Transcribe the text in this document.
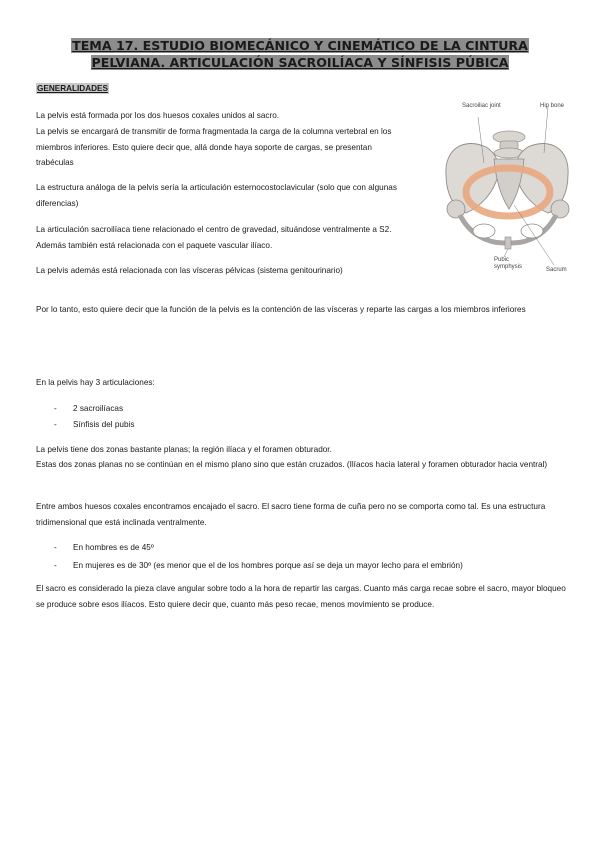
TEMA 17. ESTUDIO BIOMECÁNICO Y CINEMÁTICO DE LA CINTURA
PELVIANA. ARTICULACIÓN SACROILÍACA Y SÍNFISIS PÚBICA
GENERALIDADES
La pelvis está formada por los dos huesos coxales unidos al sacro.
La pelvis se encargará de transmitir de forma fragmentada la carga de la columna vertebral en los miembros inferiores. Esto quiere decir que, allá donde haya soporte de cargas, se presentan trabéculas
La estructura análoga de la pelvis sería la articulación esternocostoclavicular (solo que con algunas diferencias)
La articulación sacroilíaca tiene relacionado el centro de gravedad, situándose ventralmente a S2. Además también está relacionada con el paquete vascular ilíaco.
La pelvis además está relacionada con las vísceras pélvicas (sistema genitourinario)
Sacroiliac joint	Hip bone
Pubic symphysis	Sacrum
Por lo tanto, esto quiere decir que la función de la pelvis es la contención de las vísceras y reparte las cargas a los miembros inferiores
En la pelvis hay 3 articulaciones:
- 2 sacroilíacas
- Sínfisis del pubis
La pelvis tiene dos zonas bastante planas; la región ilíaca y el foramen obturador.
Estas dos zonas planas no se continúan en el mismo plano sino que están cruzados. (Ilíacos hacia lateral y foramen obturador hacia ventral)
Entre ambos huesos coxales encontramos encajado el sacro. El sacro tiene forma de cuña pero no se comporta como tal. Es una estructura tridimensional que está inclinada ventralmente.
- En hombres es de 45º
- En mujeres es de 30º (es menor que el de los hombres porque así se deja un mayor lecho para el embrión)
El sacro es considerado la pieza clave angular sobre todo a la hora de repartir las cargas. Cuanto más carga recae sobre el sacro, mayor bloqueo se produce sobre esos ilíacos. Esto quiere decir que, cuanto más peso recae, menos movimiento se produce.
